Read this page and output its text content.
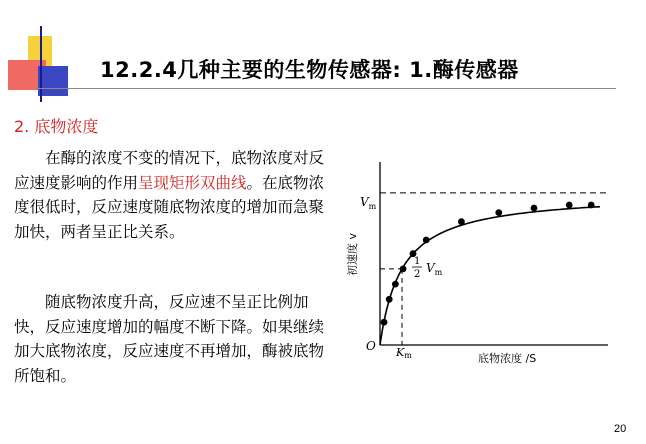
12.2.4几种主要的生物传感器: 1.酶传感器
2. 底物浓度

在酶的浓度不变的情况下，底物浓度对反应速度影响的作用呈现矩形双曲线。在底物浓度很低时，反应速度随底物浓度的增加而急聚加快，两者呈正比关系。

随底物浓度升高，反应速不呈正比例加快，反应速度增加的幅度不断下降。如果继续加大底物浓度，反应速度不再增加，酶被底物所饱和。

$V_m$
1
2 $V_m$
O Km	底物浓度 /S
初速度 v
20
